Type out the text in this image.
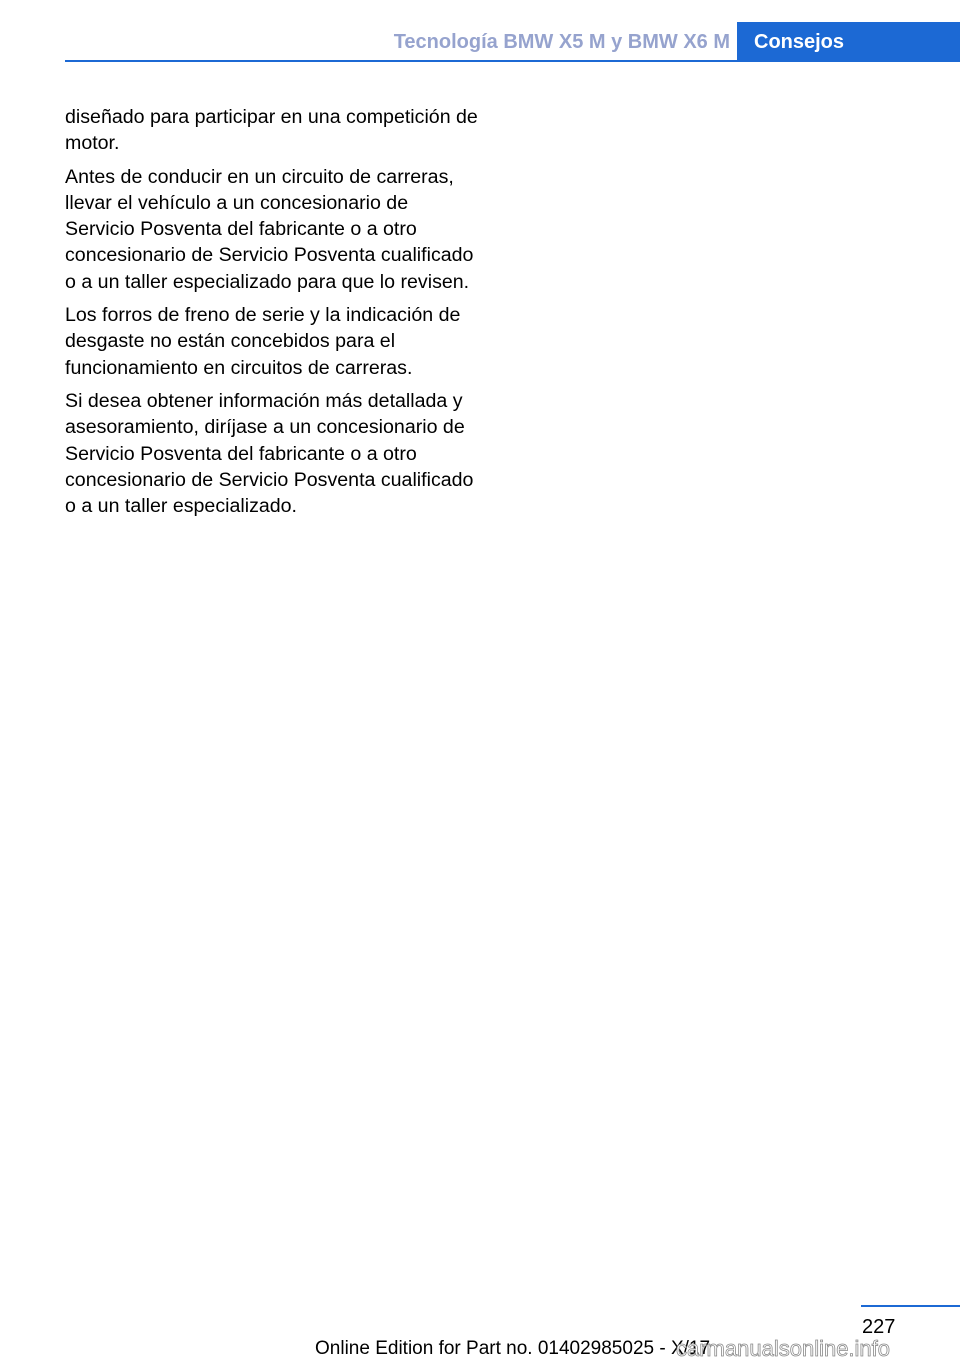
Tecnología BMW X5 M y BMW X6 M Consejos

diseñado para participar en una competición de motor.

Antes de conducir en un circuito de carreras, llevar el vehículo a un concesionario de Servicio Posventa del fabricante o a otro concesionario de Servicio Posventa cualificado o a un taller especializado para que lo revisen.

Los forros de freno de serie y la indicación de desgaste no están concebidos para el funcionamiento en circuitos de carreras.

Si desea obtener información más detallada y asesoramiento, diríjase a un concesionario de Servicio Posventa del fabricante o a otro concesionario de Servicio Posventa cualificado o a un taller especializado.

227
Online Edition for Part no. 01402985025 - X/17
carmanualsonline.info
